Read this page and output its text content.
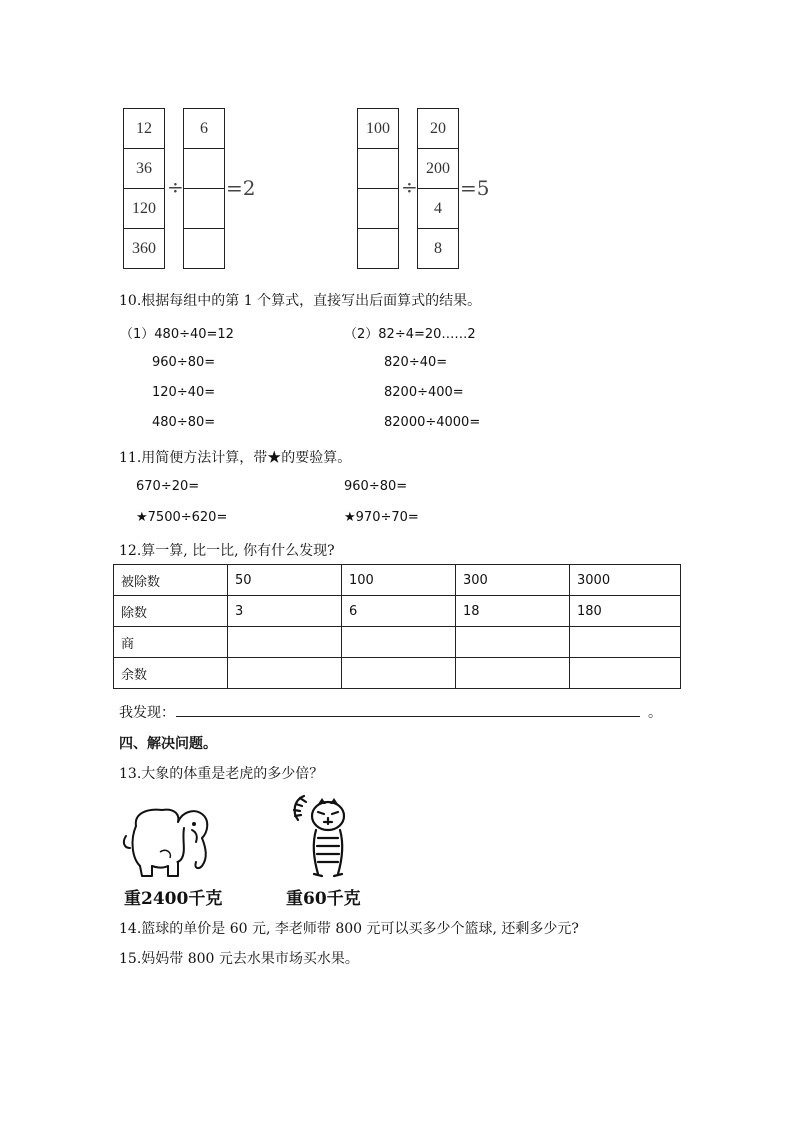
12
36
120
360
÷
6
=2
100
÷
20
200
4
8
=5
10.根据每组中的第 1 个算式，直接写出后面算式的结果。
（1）480÷40=12
960÷80=
120÷40=
480÷80=
（2）82÷4=20……2
820÷40=
8200÷400=
82000÷4000=
11.用简便方法计算，带★的要验算。
670÷20=	960÷80=
★7500÷620=	★970÷70=
12.算一算, 比一比, 你有什么发现?
被除数	50	100	300	3000
除数	3	6	18	180
商				
余数				
我发现：	。
四、解决问题。
13.大象的体重是老虎的多少倍？
重2400千克	重60千克
14.篮球的单价是 60 元, 李老师带 800 元可以买多少个篮球, 还剩多少元?
15.妈妈带 800 元去水果市场买水果。
